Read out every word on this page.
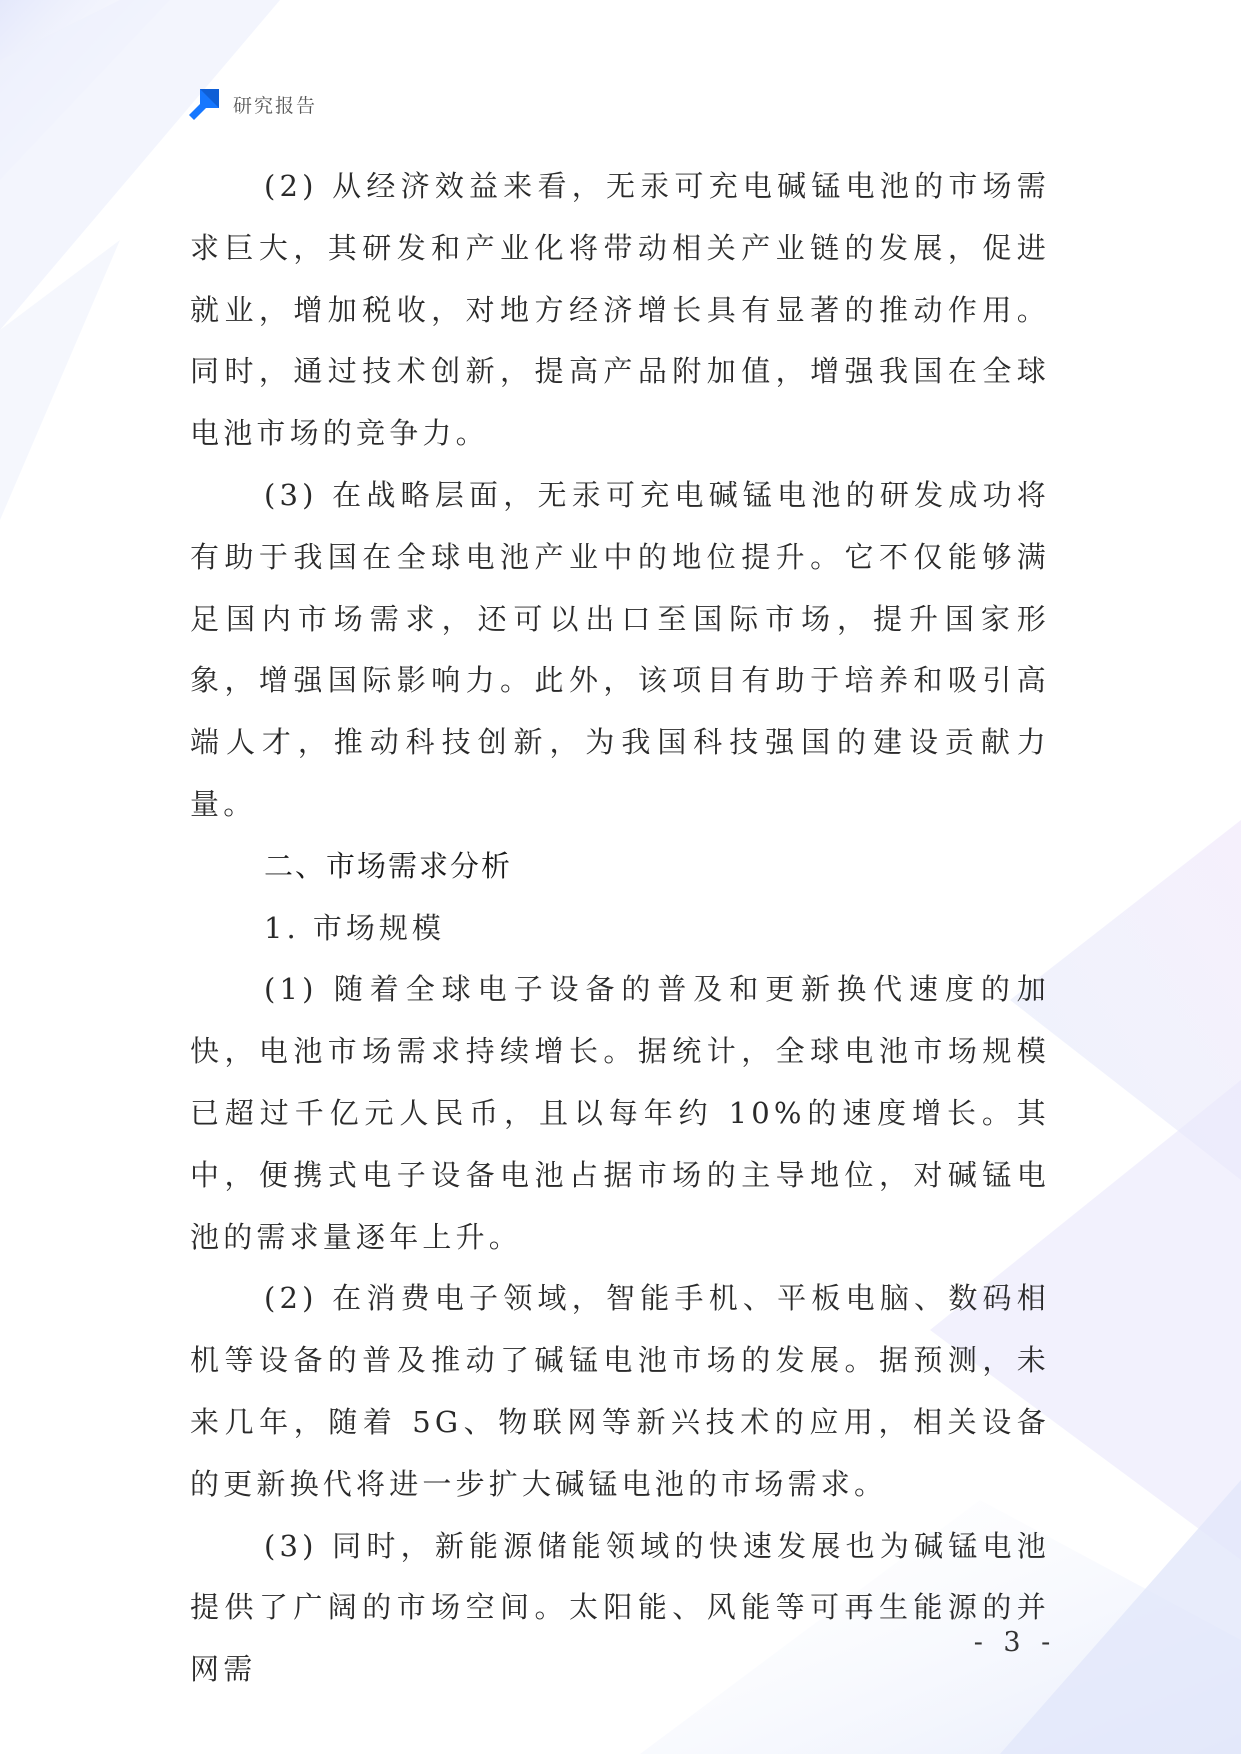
研究报告

(2) 从经济效益来看，无汞可充电碱锰电池的市场需求巨大，其研发和产业化将带动相关产业链的发展，促进就业，增加税收，对地方经济增长具有显著的推动作用。同时，通过技术创新，提高产品附加值，增强我国在全球电池市场的竞争力。

(3) 在战略层面，无汞可充电碱锰电池的研发成功将有助于我国在全球电池产业中的地位提升。它不仅能够满足国内市场需求，还可以出口至国际市场，提升国家形象，增强国际影响力。此外，该项目有助于培养和吸引高端人才，推动科技创新，为我国科技强国的建设贡献力量。

二、市场需求分析

1. 市场规模

(1) 随着全球电子设备的普及和更新换代速度的加快，电池市场需求持续增长。据统计，全球电池市场规模已超过千亿元人民币，且以每年约 10%的速度增长。其中，便携式电子设备电池占据市场的主导地位，对碱锰电池的需求量逐年上升。

(2) 在消费电子领域，智能手机、平板电脑、数码相机等设备的普及推动了碱锰电池市场的发展。据预测，未来几年，随着 5G、物联网等新兴技术的应用，相关设备的更新换代将进一步扩大碱锰电池的市场需求。

(3) 同时，新能源储能领域的快速发展也为碱锰电池提供了广阔的市场空间。太阳能、风能等可再生能源的并网需

- 3 -
